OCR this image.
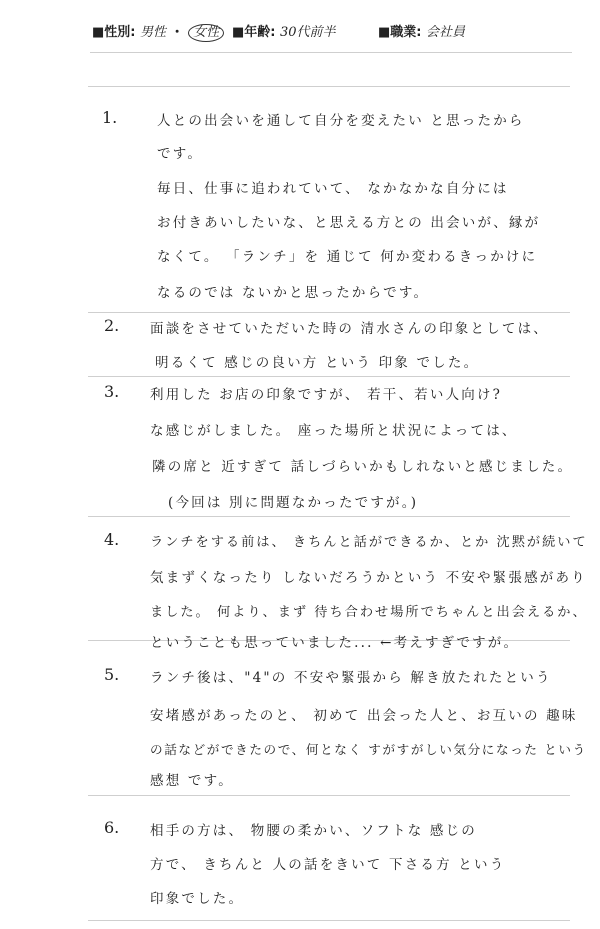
■性別: 男性 ・ 女性 ■年齢: 30代前半	■職業: 会社員
1.	人との出会いを通して自分を変えたい と思ったから
です。
毎日、仕事に追われていて、 なかなかな自分には
お付きあいしたいな、と思える方との 出会いが、縁が
なくて。 「ランチ」を 通じて 何か変わるきっかけに
なるのでは ないかと思ったからです。
2. 面談をさせていただいた時の 清水さんの印象としては、
明るくて 感じの良い方 という 印象 でした。
3. 利用した お店の印象ですが、 若干、若い人向け?
な感じがしました。 座った場所と状況によっては、
隣の席と 近すぎて 話しづらいかもしれないと感じました。
(今回は 別に問題なかったですが。)
4. ランチをする前は、 きちんと話ができるか、とか 沈黙が続いて
気まずくなったり しないだろうかという 不安や緊張感があり
ました。 何より、まず 待ち合わせ場所でちゃんと出会えるか、
ということも思っていました... ←考えすぎですが。
5. ランチ後は、"4"の 不安や緊張から 解き放たれたという
安堵感があったのと、 初めて 出会った人と、お互いの 趣味
の話などができたので、何となく すがすがしい気分になった という
感想 です。
6. 相手の方は、 物腰の柔かい、ソフトな 感じの
方で、 きちんと 人の話をきいて 下さる方 という
印象でした。
